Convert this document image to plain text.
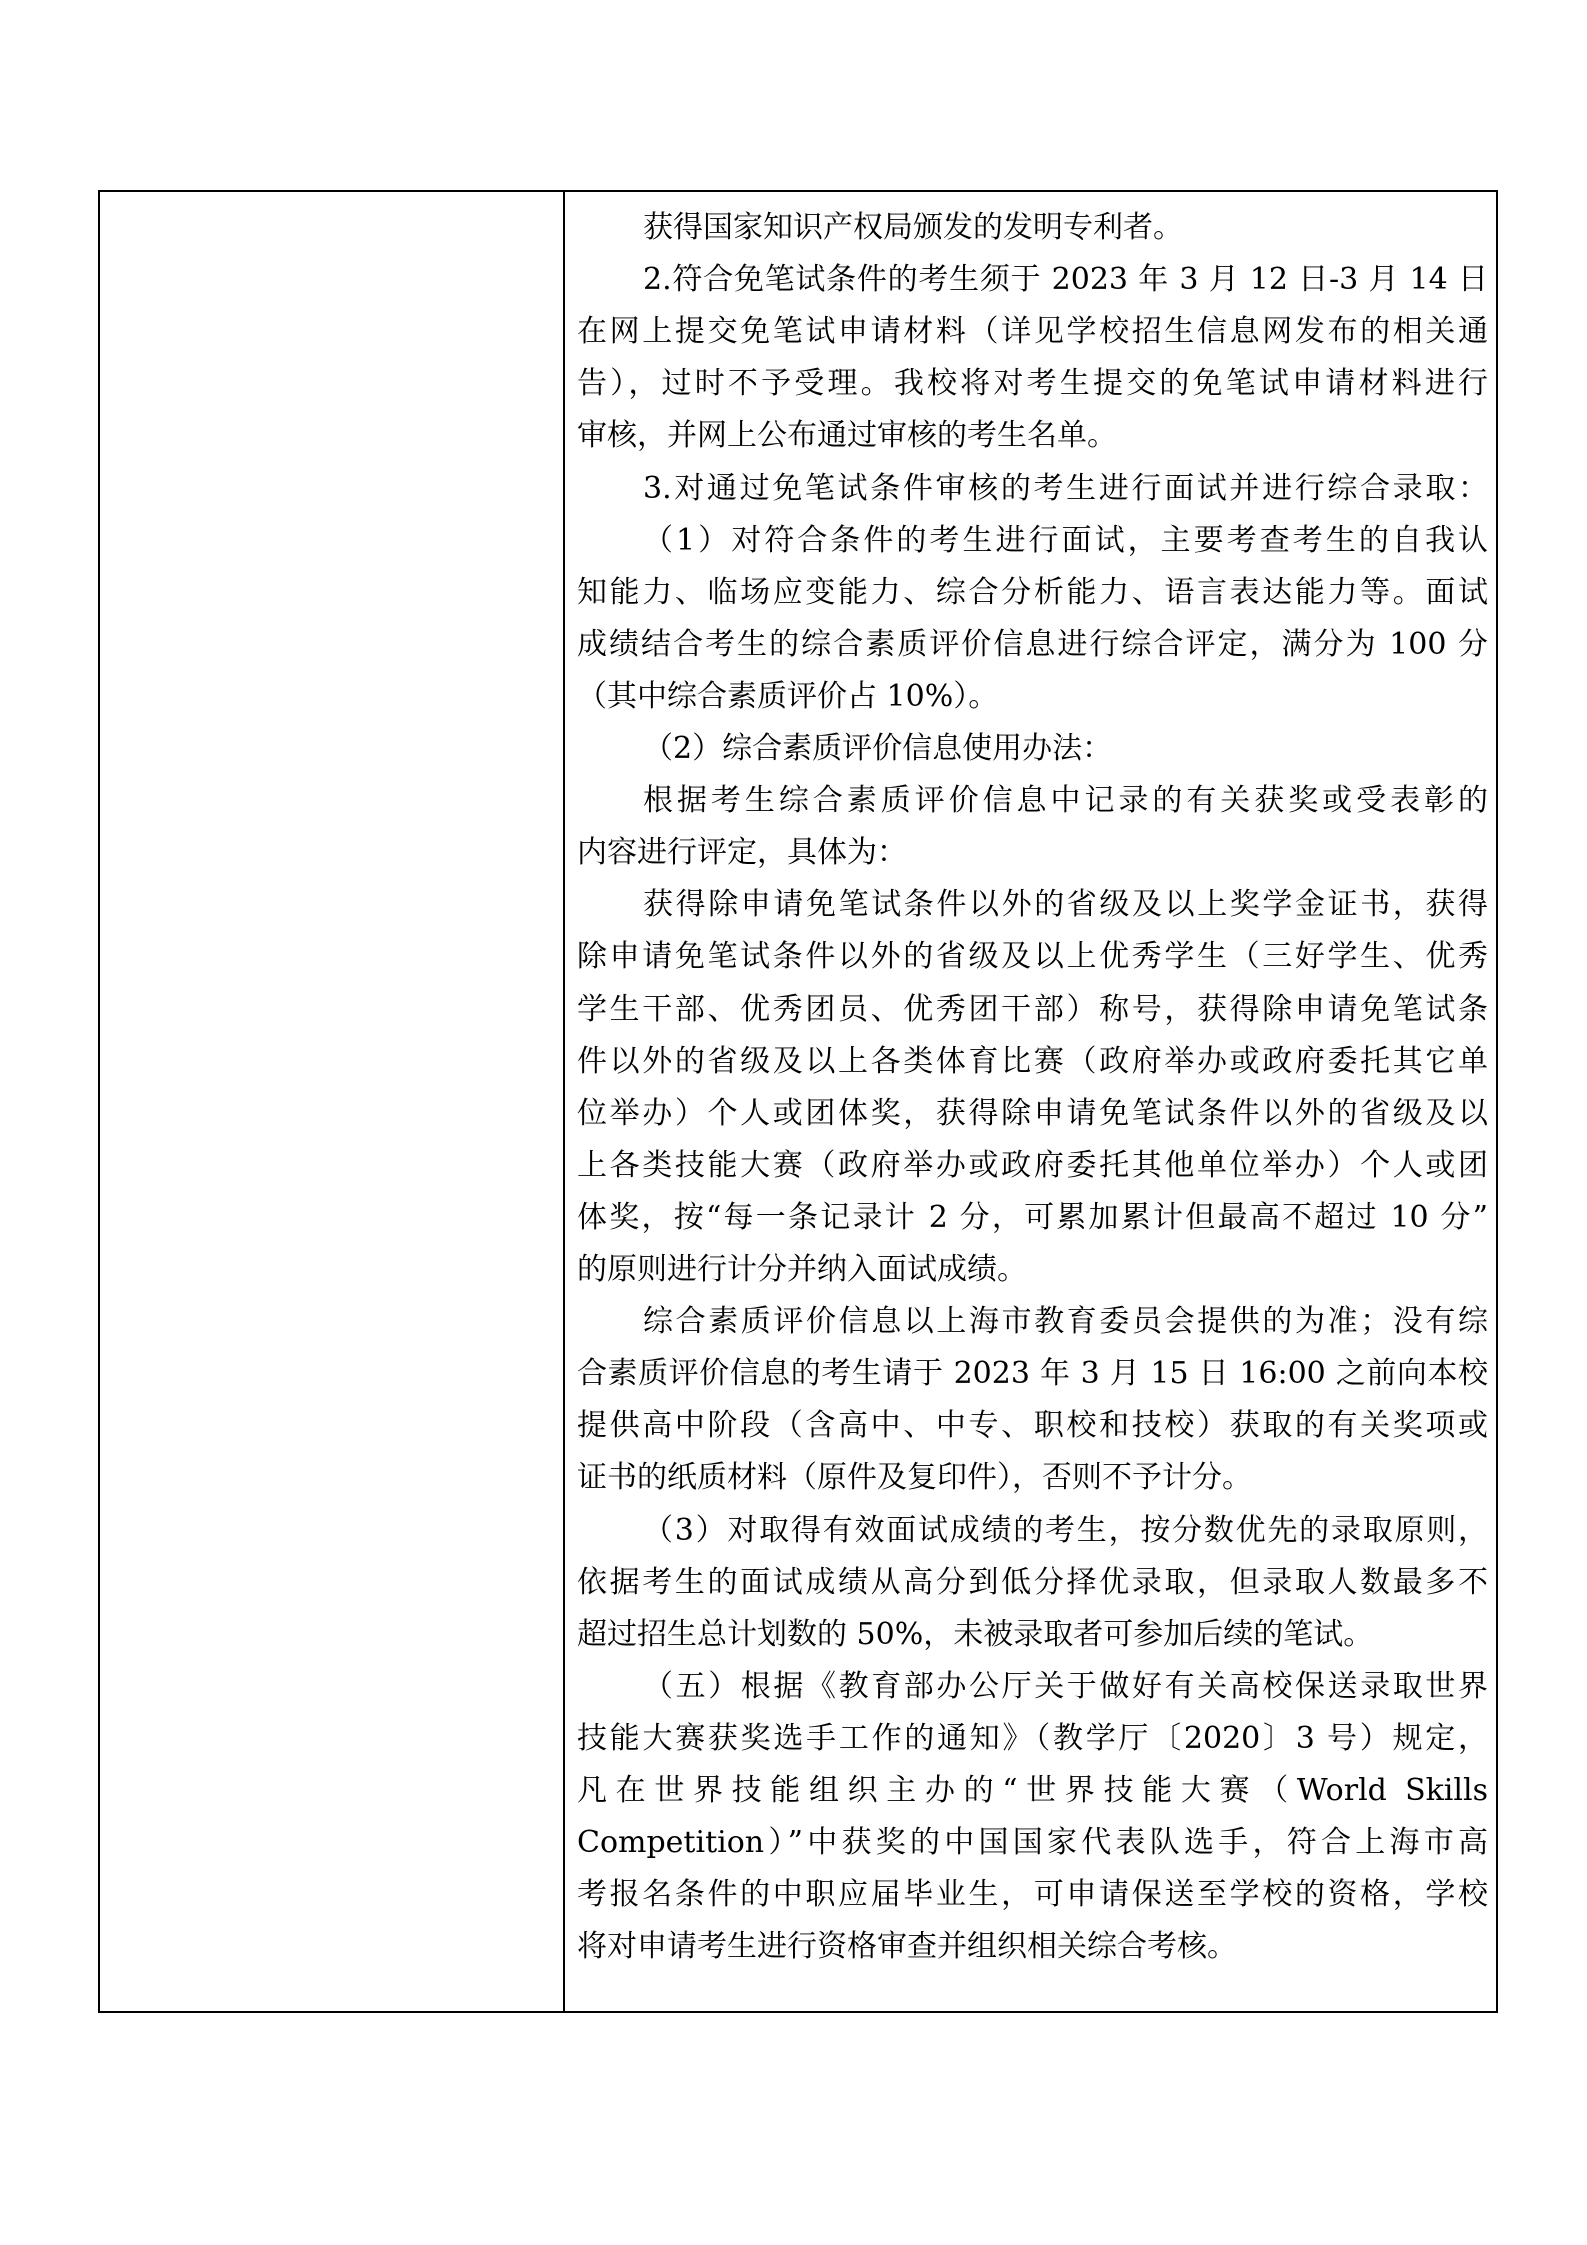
获得国家知识产权局颁发的发明专利者。
2.符合免笔试条件的考生须于 2023 年 3 月 12 日-3 月 14 日
在网上提交免笔试申请材料（详见学校招生信息网发布的相关通
告），过时不予受理。我校将对考生提交的免笔试申请材料进行
审核，并网上公布通过审核的考生名单。
3.对通过免笔试条件审核的考生进行面试并进行综合录取：
（1）对符合条件的考生进行面试，主要考查考生的自我认
知能力、临场应变能力、综合分析能力、语言表达能力等。面试
成绩结合考生的综合素质评价信息进行综合评定，满分为 100 分
（其中综合素质评价占 10%）。
（2）综合素质评价信息使用办法：
根据考生综合素质评价信息中记录的有关获奖或受表彰的
内容进行评定，具体为：
获得除申请免笔试条件以外的省级及以上奖学金证书，获得
除申请免笔试条件以外的省级及以上优秀学生（三好学生、优秀
学生干部、优秀团员、优秀团干部）称号，获得除申请免笔试条
件以外的省级及以上各类体育比赛（政府举办或政府委托其它单
位举办）个人或团体奖，获得除申请免笔试条件以外的省级及以
上各类技能大赛（政府举办或政府委托其他单位举办）个人或团
体奖，按“每一条记录计 2 分，可累加累计但最高不超过 10 分”
的原则进行计分并纳入面试成绩。
综合素质评价信息以上海市教育委员会提供的为准；没有综
合素质评价信息的考生请于 2023 年 3 月 15 日 16:00 之前向本校
提供高中阶段（含高中、中专、职校和技校）获取的有关奖项或
证书的纸质材料（原件及复印件），否则不予计分。
（3）对取得有效面试成绩的考生，按分数优先的录取原则，
依据考生的面试成绩从高分到低分择优录取，但录取人数最多不
超过招生总计划数的 50%，未被录取者可参加后续的笔试。
（五）根据《教育部办公厅关于做好有关高校保送录取世界
技能大赛获奖选手工作的通知》（教学厅〔2020〕3 号）规定，
凡在世界技能组织主办的“世界技能大赛（World Skills
Competition）”中获奖的中国国家代表队选手，符合上海市高
考报名条件的中职应届毕业生，可申请保送至学校的资格，学校
将对申请考生进行资格审查并组织相关综合考核。
